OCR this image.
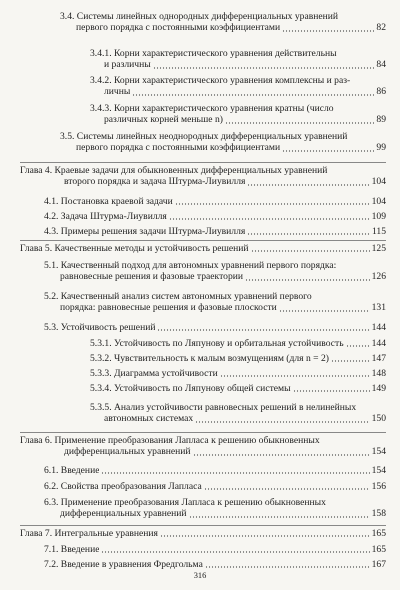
3.4. Системы линейных однородных дифференциальных уравнений
первого порядка с постоянными коэффициентами	82
3.4.1. Корни характеристического уравнения действительны
и различны	84
3.4.2. Корни характеристического уравнения комплексны и раз-
личны	86
3.4.3. Корни характеристического уравнения кратны (число
различных корней меньше n)	89
3.5. Системы линейных неоднородных дифференциальных уравнений
первого порядка с постоянными коэффициентами	99
Глава 4. Краевые задачи для обыкновенных дифференциальных уравнений
второго порядка и задача Штурма-Лиувилля	104
4.1. Постановка краевой задачи	104
4.2. Задача Штурма-Лиувилля	109
4.3. Примеры решения задачи Штурма-Лиувилля	115
Глава 5. Качественные методы и устойчивость решений	125
5.1. Качественный подход для автономных уравнений первого порядка:
равновесные решения и фазовые траектории	126
5.2. Качественный анализ систем автономных уравнений первого
порядка: равновесные решения и фазовые плоскости	131
5.3. Устойчивость решений	144
5.3.1. Устойчивость по Ляпунову и орбитальная устойчивость	144
5.3.2. Чувствительность к малым возмущениям (для n = 2)	147
5.3.3. Диаграмма устойчивости	148
5.3.4. Устойчивость по Ляпунову общей системы	149
5.3.5. Анализ устойчивости равновесных решений в нелинейных
автономных системах	150
Глава 6. Применение преобразования Лапласа к решению обыкновенных
дифференциальных уравнений	154
6.1. Введение	154
6.2. Свойства преобразования Лапласа	156
6.3. Применение преобразования Лапласа к решению обыкновенных
дифференциальных уравнений	158
Глава 7. Интегральные уравнения	165
7.1. Введение	165
7.2. Введение в уравнения Фредгольма	167
316
